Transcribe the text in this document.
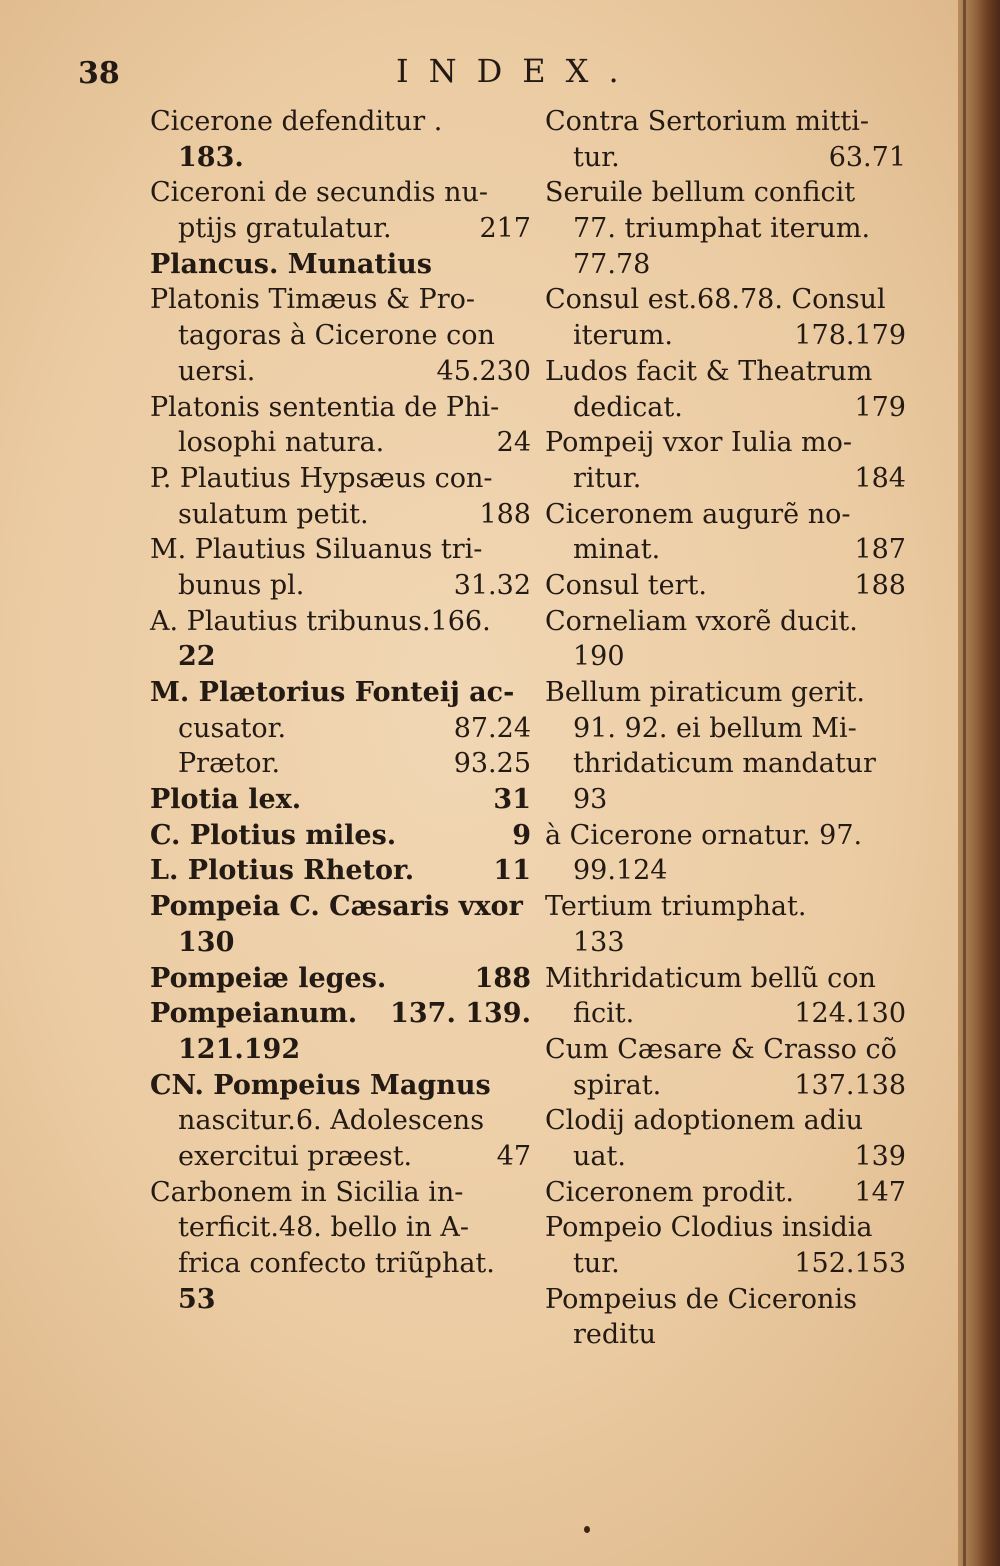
38	INDEX.
Cicerone defenditur .
183.
Ciceroni de secundis nu-
ptijs gratulatur.	217
Plancus. Munatius
Platonis Timæus & Pro-
tagoras à Cicerone con
uersi.	45.230
Platonis sententia de Phi-
losophi natura.	24
P. Plautius Hypsæus con-
sulatum petit.	188
M. Plautius Siluanus tri-
bunus pl.	31.32
A. Plautius tribunus.166.
22
M. Plætorius Fonteij ac-
cusator.	87.24
Prætor.	93.25
Plotia lex.	31
C. Plotius miles.	9
L. Plotius Rhetor.	11
Pompeia C. Cæsaris vxor
130
Pompeiæ leges.	188
Pompeianum. 137. 139.
121.192
CN. Pompeius Magnus
nascitur.6. Adolescens
exercitui præest.	47
Carbonem in Sicilia in-
terficit.48. bello in A-
frica confecto triũphat.
53
Contra Sertorium mitti-
tur.	63.71
Seruile bellum conficit
77. triumphat iterum.
77.78
Consul est.68.78. Consul
iterum.	178.179
Ludos facit & Theatrum
dedicat.	179
Pompeij vxor Iulia mo-
ritur.	184
Ciceronem augurẽ no-
minat.	187
Consul tert.	188
Corneliam vxorẽ ducit.
190
Bellum piraticum gerit.
91. 92. ei bellum Mi-
thridaticum mandatur
93
à Cicerone ornatur. 97.
99.124
Tertium triumphat.
133
Mithridaticum bellũ con
ficit.	124.130
Cum Cæsare & Crasso cõ
spirat.	137.138
Clodij adoptionem adiu
uat.	139
Ciceronem prodit. 147
Pompeio Clodius insidia
tur.	152.153
Pompeius de Ciceronis
reditu
